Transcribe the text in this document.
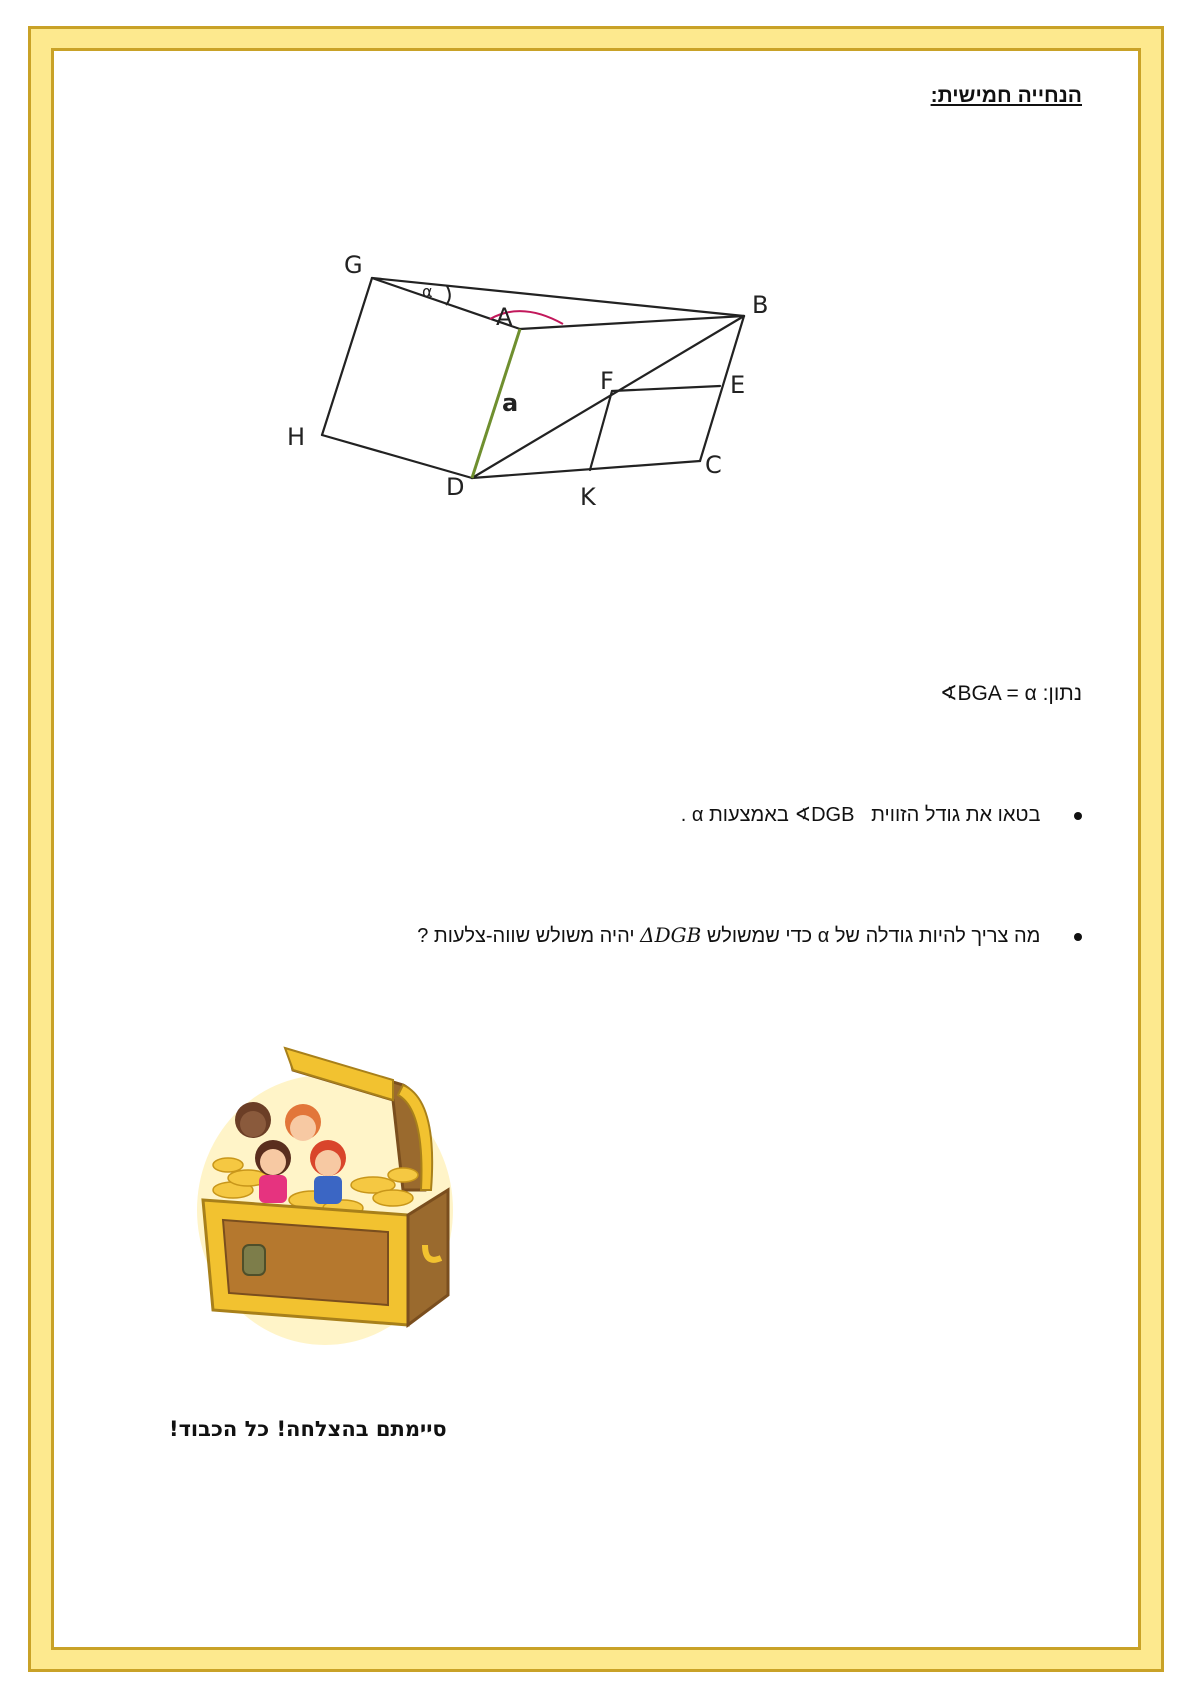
הנחייה חמישית:
G
A	B
F	E
H
D	K
C
a
α
נתון: ∢BGA = α
בטאו את גודל הזווית   ∢DGB באמצעות α .
מה צריך להיות גודלה של α כדי שמשולש ΔDGB יהיה משולש שווה-צלעות ?
סיימתם בהצלחה! כל הכבוד!
